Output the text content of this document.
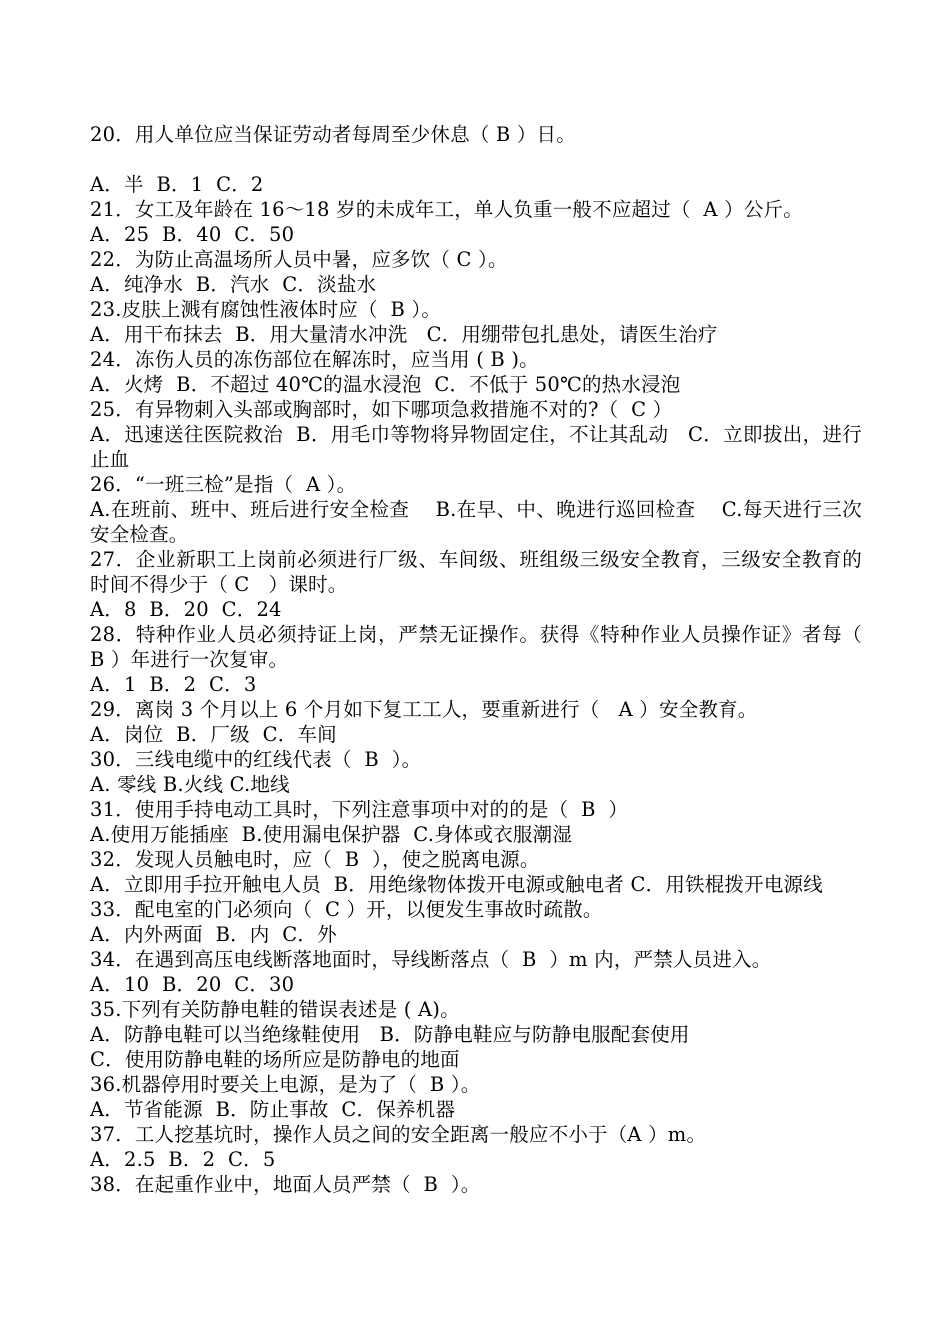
20．用人单位应当保证劳动者每周至少休息（ B ）日。
A．半  B．1  C．2
21．女工及年龄在 16～18 岁的未成年工，单人负重一般不应超过（  A ）公斤。
A．25  B．40  C．50
22．为防止高温场所人员中暑，应多饮（ C ）。
A．纯净水  B．汽水  C．淡盐水
23.皮肤上溅有腐蚀性液体时应（  B ）。
A．用干布抹去  B．用大量清水冲洗   C．用绷带包扎患处，请医生治疗
24．冻伤人员的冻伤部位在解冻时，应当用 ( B )。
A．火烤  B．不超过 40℃的温水浸泡  C．不低于 50℃的热水浸泡
25．有异物刺入头部或胸部时，如下哪项急救措施不对的?（  C ）
A．迅速送往医院救治  B．用毛巾等物将异物固定住，不让其乱动   C．立即拔出，进行止血
26．“一班三检”是指（  A ）。
A.在班前、班中、班后进行安全检查    B.在早、中、晚进行巡回检查    C.每天进行三次安全检查。
27．企业新职工上岗前必须进行厂级、车间级、班组级三级安全教育，三级安全教育的时间不得少于（ C   ）课时。
A．8  B．20  C．24
28．特种作业人员必须持证上岗，严禁无证操作。获得《特种作业人员操作证》者每（ B ）年进行一次复审。
A．1  B．2  C．3
29．离岗 3 个月以上 6 个月如下复工工人，要重新进行（   A ）安全教育。
A．岗位  B．厂级  C．车间
30．三线电缆中的红线代表（  B  ）。
A. 零线 B.火线 C.地线
31．使用手持电动工具时，下列注意事项中对的的是（  B  ）
A.使用万能插座  B.使用漏电保护器  C.身体或衣服潮湿
32．发现人员触电时，应（  B  ），使之脱离电源。
A．立即用手拉开触电人员  B．用绝缘物体拨开电源或触电者 C．用铁棍拨开电源线
33．配电室的门必须向（  C ）开，以便发生事故时疏散。
A．内外两面  B．内  C．外
34．在遇到高压电线断落地面时，导线断落点（  B  ）m 内，严禁人员进入。
A．10  B．20  C．30
35.下列有关防静电鞋的错误表述是 ( A)。
A．防静电鞋可以当绝缘鞋使用   B．防静电鞋应与防静电服配套使用
C．使用防静电鞋的场所应是防静电的地面
36.机器停用时要关上电源，是为了（  B ）。
A．节省能源  B．防止事故  C．保养机器
37．工人挖基坑时，操作人员之间的安全距离一般应不小于（A ）m。
A．2.5  B．2  C．5
38．在起重作业中，地面人员严禁（  B  ）。
